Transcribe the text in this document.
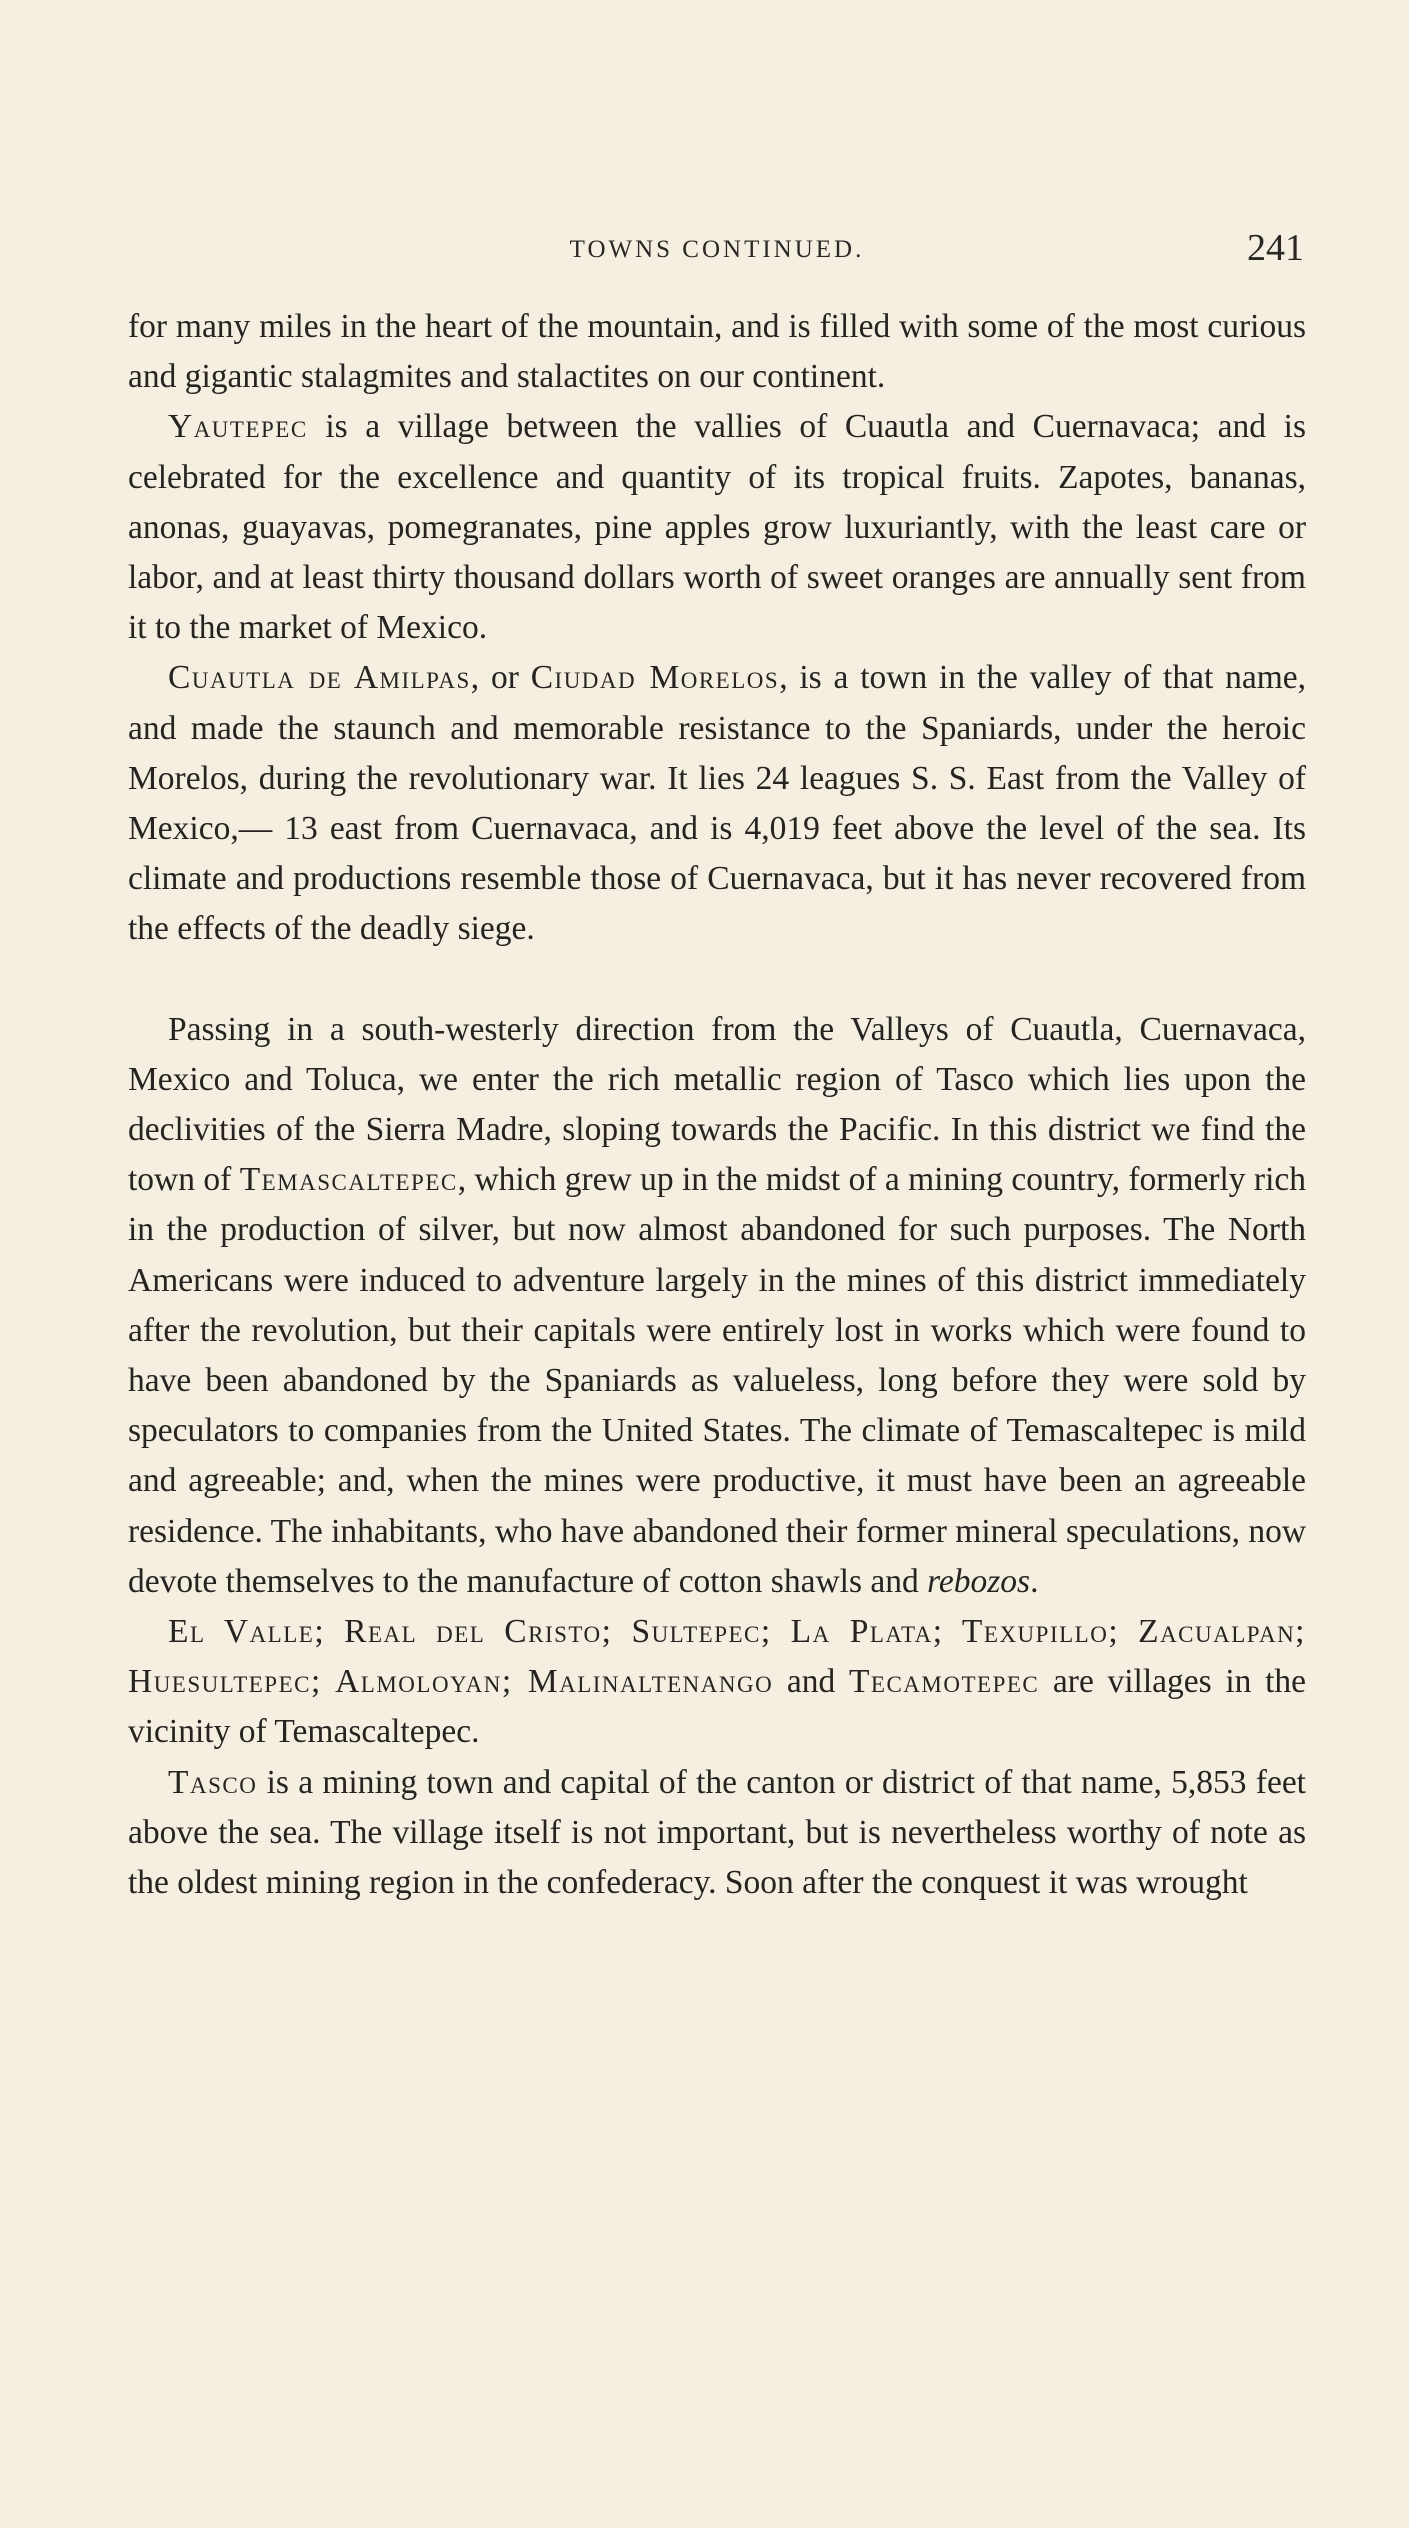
TOWNS CONTINUED.	241

for many miles in the heart of the mountain, and is filled with some of the most curious and gigantic stalagmites and stalactites on our continent.

Yautepec is a village between the vallies of Cuautla and Cuernavaca; and is celebrated for the excellence and quantity of its tropical fruits. Zapotes, bananas, anonas, guayavas, pomegranates, pine apples grow luxuriantly, with the least care or labor, and at least thirty thousand dollars worth of sweet oranges are annually sent from it to the market of Mexico.

Cuautla de Amilpas, or Ciudad Morelos, is a town in the valley of that name, and made the staunch and memorable resistance to the Spaniards, under the heroic Morelos, during the revolutionary war. It lies 24 leagues S. S. East from the Valley of Mexico,— 13 east from Cuernavaca, and is 4,019 feet above the level of the sea. Its climate and productions resemble those of Cuernavaca, but it has never recovered from the effects of the deadly siege.

Passing in a south-westerly direction from the Valleys of Cuautla, Cuernavaca, Mexico and Toluca, we enter the rich metallic region of Tasco which lies upon the declivities of the Sierra Madre, sloping towards the Pacific. In this district we find the town of Temascaltepec, which grew up in the midst of a mining country, formerly rich in the production of silver, but now almost abandoned for such purposes. The North Americans were induced to adventure largely in the mines of this district immediately after the revolution, but their capitals were entirely lost in works which were found to have been abandoned by the Spaniards as valueless, long before they were sold by speculators to companies from the United States. The climate of Temascaltepec is mild and agreeable; and, when the mines were productive, it must have been an agreeable residence. The inhabitants, who have abandoned their former mineral speculations, now devote themselves to the manufacture of cotton shawls and rebozos.

El Valle; Real del Cristo; Sultepec; La Plata; Texupillo; Zacualpan; Huesultepec; Almoloyan; Malinaltenango and Tecamotepec are villages in the vicinity of Temascaltepec.

Tasco is a mining town and capital of the canton or district of that name, 5,853 feet above the sea. The village itself is not important, but is nevertheless worthy of note as the oldest mining region in the confederacy. Soon after the conquest it was wrought
